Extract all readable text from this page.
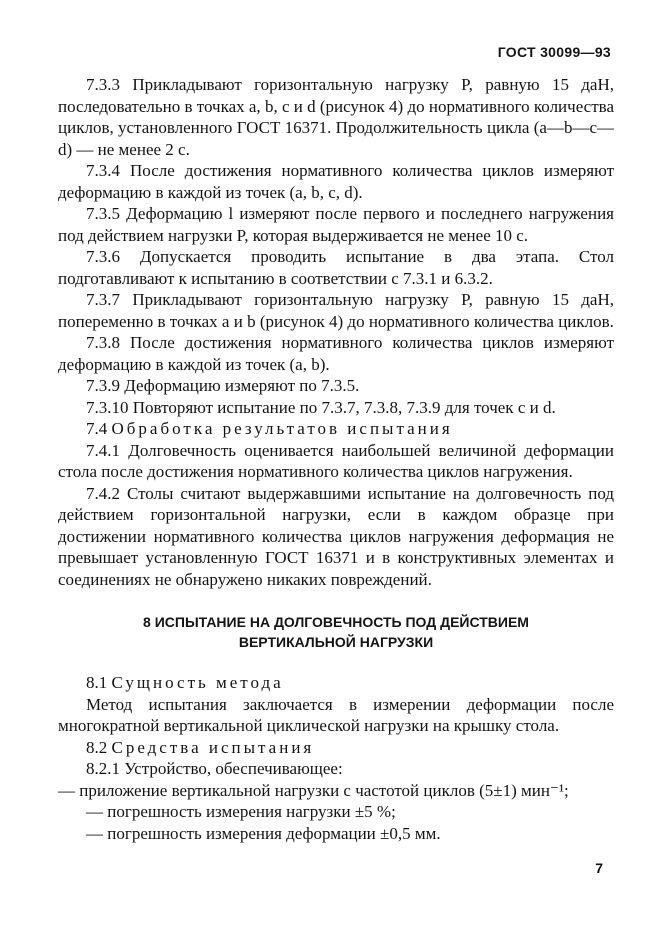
ГОСТ 30099—93

7.3.3 Прикладывают горизонтальную нагрузку P, равную 15 даН, последовательно в точках a, b, c и d (рисунок 4) до нормативного количества циклов, установленного ГОСТ 16371. Продолжительность цикла (a—b—c—d) — не менее 2 с.

7.3.4 После достижения нормативного количества циклов измеряют деформацию в каждой из точек (a, b, c, d).

7.3.5 Деформацию l измеряют после первого и последнего нагружения под действием нагрузки P, которая выдерживается не менее 10 с.

7.3.6 Допускается проводить испытание в два этапа. Стол подготавливают к испытанию в соответствии с 7.3.1 и 6.3.2.

7.3.7 Прикладывают горизонтальную нагрузку P, равную 15 даН, попеременно в точках a и b (рисунок 4) до нормативного количества циклов.

7.3.8 После достижения нормативного количества циклов измеряют деформацию в каждой из точек (a, b).

7.3.9 Деформацию измеряют по 7.3.5.

7.3.10 Повторяют испытание по 7.3.7, 7.3.8, 7.3.9 для точек c и d.

7.4 Обработка результатов испытания

7.4.1 Долговечность оценивается наибольшей величиной деформации стола после достижения нормативного количества циклов нагружения.

7.4.2 Столы считают выдержавшими испытание на долговечность под действием горизонтальной нагрузки, если в каждом образце при достижении нормативного количества циклов нагружения деформация не превышает установленную ГОСТ 16371 и в конструктивных элементах и соединениях не обнаружено никаких повреждений.

8 ИСПЫТАНИЕ НА ДОЛГОВЕЧНОСТЬ ПОД ДЕЙСТВИЕМ
ВЕРТИКАЛЬНОЙ НАГРУЗКИ

8.1 Сущность метода

Метод испытания заключается в измерении деформации после многократной вертикальной циклической нагрузки на крышку стола.

8.2 Средства испытания

8.2.1 Устройство, обеспечивающее:

— приложение вертикальной нагрузки с частотой циклов (5±1) мин⁻¹;

— погрешность измерения нагрузки ±5 %;

— погрешность измерения деформации ±0,5 мм.

7
